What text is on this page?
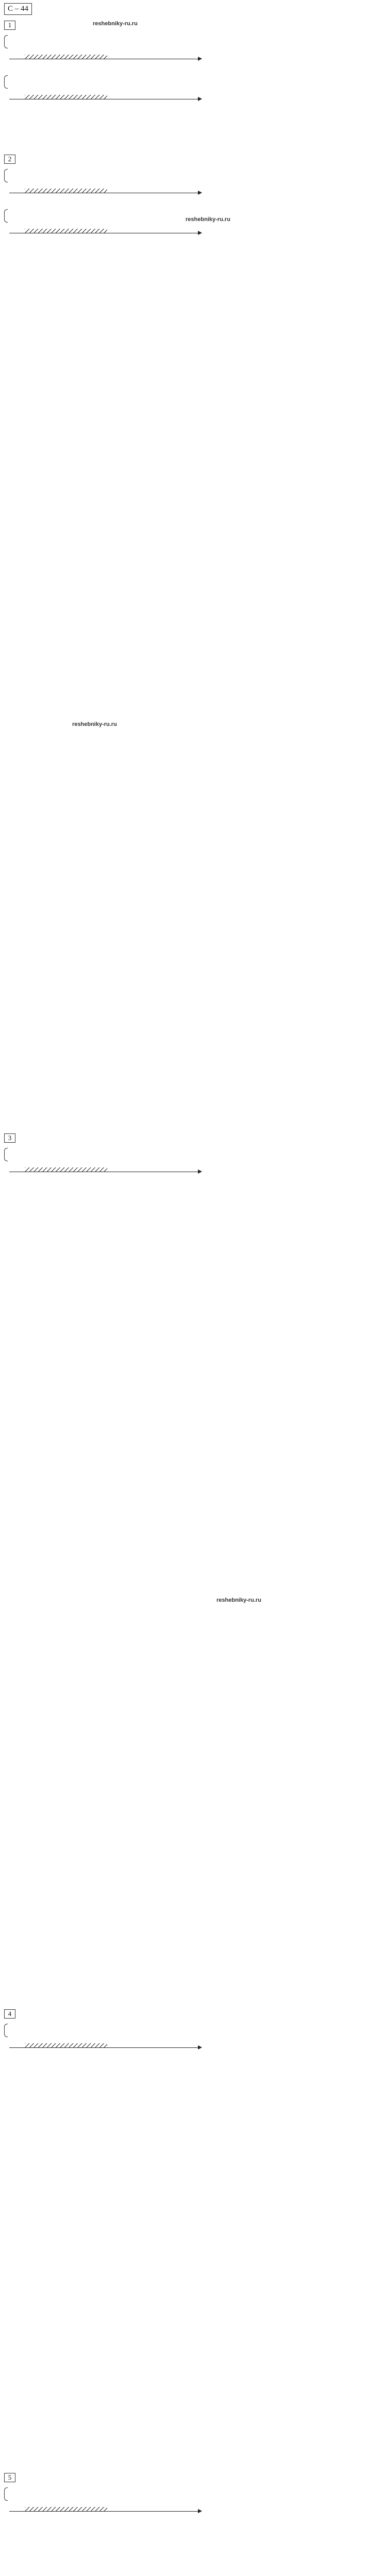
С – 44
1
2
3
4
5
reshebniky-ru.ru
reshebniky-ru.ru
reshebniky-ru.ru
reshebniky-ru.ru
